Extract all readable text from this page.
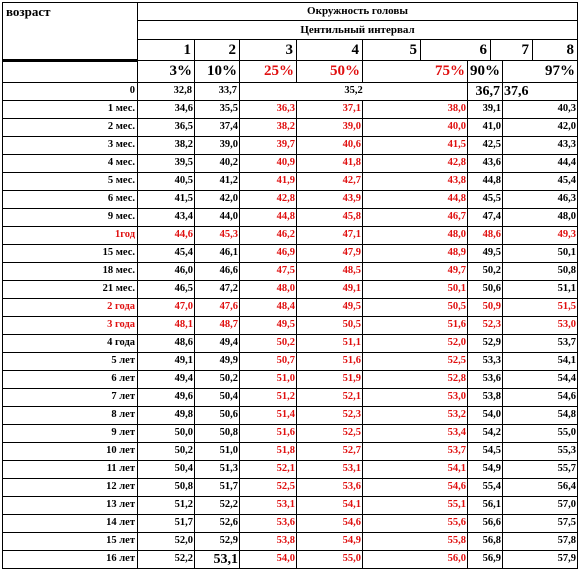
возраст	Окружность головы									
	Центильный интервал									
	1	2	3	4	5	6		7		8
	3%	10%	25%	50%	75%		90%		97%	
0	32,8	33,7	35,2				36,7		37,6	
1 мес.	34,6	35,5	36,3	37,1	38,0		39,1		40,3	
2 мес.	36,5	37,4	38,2	39,0	40,0		41,0		42,0	
3 мес.	38,2	39,0	39,7	40,6	41,5		42,5		43,3	
4 мес.	39,5	40,2	40,9	41,8	42,8		43,6		44,4	
5 мес.	40,5	41,2	41,9	42,7	43,8		44,8		45,4	
6 мес.	41,5	42,0	42,8	43,9	44,8		45,5		46,3	
9 мес.	43,4	44,0	44,8	45,8	46,7		47,4		48,0	
1год	44,6	45,3	46,2	47,1	48,0		48,6		49,3	
15 мес.	45,4	46,1	46,9	47,9	48,9		49,5		50,1	
18 мес.	46,0	46,6	47,5	48,5	49,7		50,2		50,8	
21 мес.	46,5	47,2	48,0	49,1	50,1		50,6		51,1	
2 года	47,0	47,6	48,4	49,5	50,5		50,9		51,5	
3 года	48,1	48,7	49,5	50,5	51,6		52,3		53,0	
4 года	48,6	49,4	50,2	51,1	52,0		52,9		53,7	
5 лет	49,1	49,9	50,7	51,6	52,5		53,3		54,1	
6 лет	49,4	50,2	51,0	51,9	52,8		53,6		54,4	
7 лет	49,6	50,4	51,2	52,1	53,0		53,8		54,6	
8 лет	49,8	50,6	51,4	52,3	53,2		54,0		54,8	
9 лет	50,0	50,8	51,6	52,5	53,4		54,2		55,0	
10 лет	50,2	51,0	51,8	52,7	53,7		54,5		55,3	
11 лет	50,4	51,3	52,1	53,1	54,1		54,9		55,7	
12 лет	50,8	51,7	52,5	53,6	54,6		55,4		56,4	
13 лет	51,2	52,2	53,1	54,1	55,1		56,1		57,0	
14 лет	51,7	52,6	53,6	54,6	55,6		56,6		57,5	
15 лет	52,0	52,9	53,8	54,9	55,8		56,8		57,8	
16 лет	52,2	53,1	54,0	55,0	56,0		56,9		57,9	
